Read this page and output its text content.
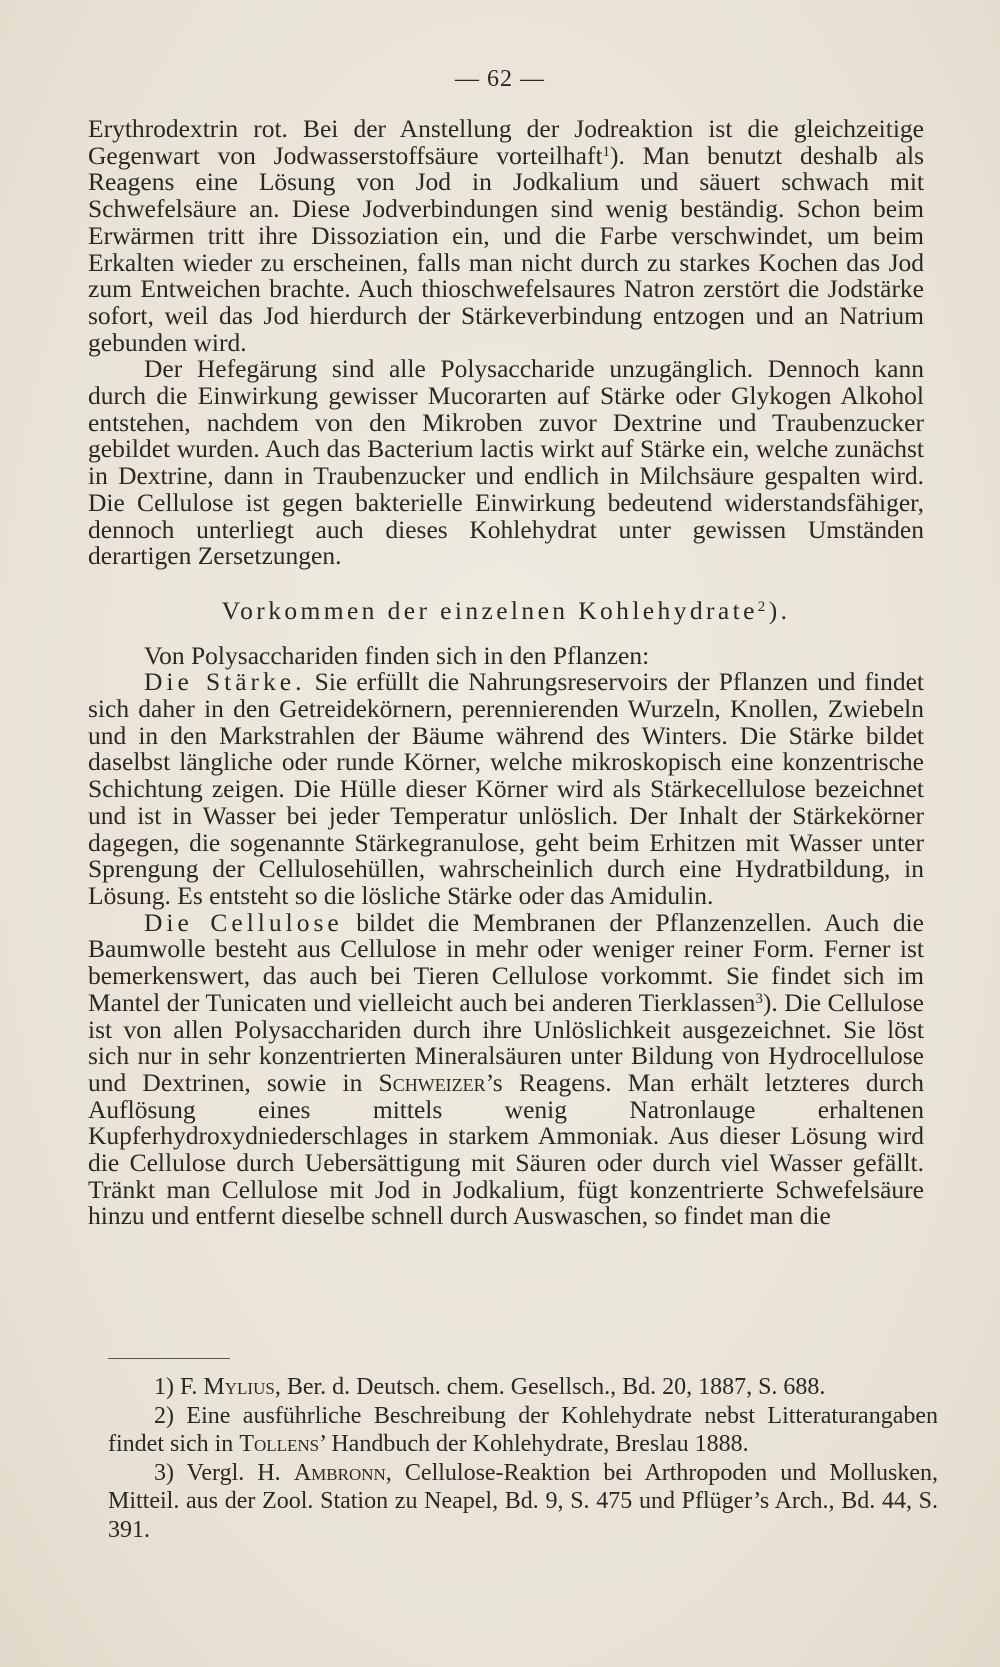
— 62 —

Erythrodextrin rot. Bei der Anstellung der Jodreaktion ist die gleichzeitige Gegenwart von Jodwasserstoffsäure vorteilhaft$^1$). Man benutzt deshalb als Reagens eine Lösung von Jod in Jodkalium und säuert schwach mit Schwefelsäure an. Diese Jodverbindungen sind wenig beständig. Schon beim Erwärmen tritt ihre Dissoziation ein, und die Farbe verschwindet, um beim Erkalten wieder zu erscheinen, falls man nicht durch zu starkes Kochen das Jod zum Entweichen brachte. Auch thioschwefelsaures Natron zerstört die Jodstärke sofort, weil das Jod hierdurch der Stärkeverbindung entzogen und an Natrium gebunden wird.

Der Hefegärung sind alle Polysaccharide unzugänglich. Dennoch kann durch die Einwirkung gewisser Mucorarten auf Stärke oder Glykogen Alkohol entstehen, nachdem von den Mikroben zuvor Dextrine und Traubenzucker gebildet wurden. Auch das Bacterium lactis wirkt auf Stärke ein, welche zunächst in Dextrine, dann in Traubenzucker und endlich in Milchsäure gespalten wird. Die Cellulose ist gegen bakterielle Einwirkung bedeutend widerstandsfähiger, dennoch unterliegt auch dieses Kohlehydrat unter gewissen Umständen derartigen Zersetzungen.

Vorkommen der einzelnen Kohlehydrate$^2$).

Von Polysacchariden finden sich in den Pflanzen:

Die Stärke. Sie erfüllt die Nahrungsreservoirs der Pflanzen und findet sich daher in den Getreidekörnern, perennierenden Wurzeln, Knollen, Zwiebeln und in den Markstrahlen der Bäume während des Winters. Die Stärke bildet daselbst längliche oder runde Körner, welche mikroskopisch eine konzentrische Schichtung zeigen. Die Hülle dieser Körner wird als Stärkecellulose bezeichnet und ist in Wasser bei jeder Temperatur unlöslich. Der Inhalt der Stärkekörner dagegen, die sogenannte Stärkegranulose, geht beim Erhitzen mit Wasser unter Sprengung der Cellulosehüllen, wahrscheinlich durch eine Hydratbildung, in Lösung. Es entsteht so die lösliche Stärke oder das Amidulin.

Die Cellulose bildet die Membranen der Pflanzenzellen. Auch die Baumwolle besteht aus Cellulose in mehr oder weniger reiner Form. Ferner ist bemerkenswert, das auch bei Tieren Cellulose vorkommt. Sie findet sich im Mantel der Tunicaten und vielleicht auch bei anderen Tierklassen$^3$). Die Cellulose ist von allen Polysacchariden durch ihre Unlöslichkeit ausgezeichnet. Sie löst sich nur in sehr konzentrierten Mineralsäuren unter Bildung von Hydrocellulose und Dextrinen, sowie in Schweizer’s Reagens. Man erhält letzteres durch Auflösung eines mittels wenig Natronlauge erhaltenen Kupferhydroxydniederschlages in starkem Ammoniak. Aus dieser Lösung wird die Cellulose durch Uebersättigung mit Säuren oder durch viel Wasser gefällt. Tränkt man Cellulose mit Jod in Jodkalium, fügt konzentrierte Schwefelsäure hinzu und entfernt dieselbe schnell durch Auswaschen, so findet man die

1) F. Mylius, Ber. d. Deutsch. chem. Gesellsch., Bd. 20, 1887, S. 688.

2) Eine ausführliche Beschreibung der Kohlehydrate nebst Litteraturangaben findet sich in Tollens’ Handbuch der Kohlehydrate, Breslau 1888.

3) Vergl. H. Ambronn, Cellulose-Reaktion bei Arthropoden und Mollusken, Mitteil. aus der Zool. Station zu Neapel, Bd. 9, S. 475 und Pflüger’s Arch., Bd. 44, S. 391.
